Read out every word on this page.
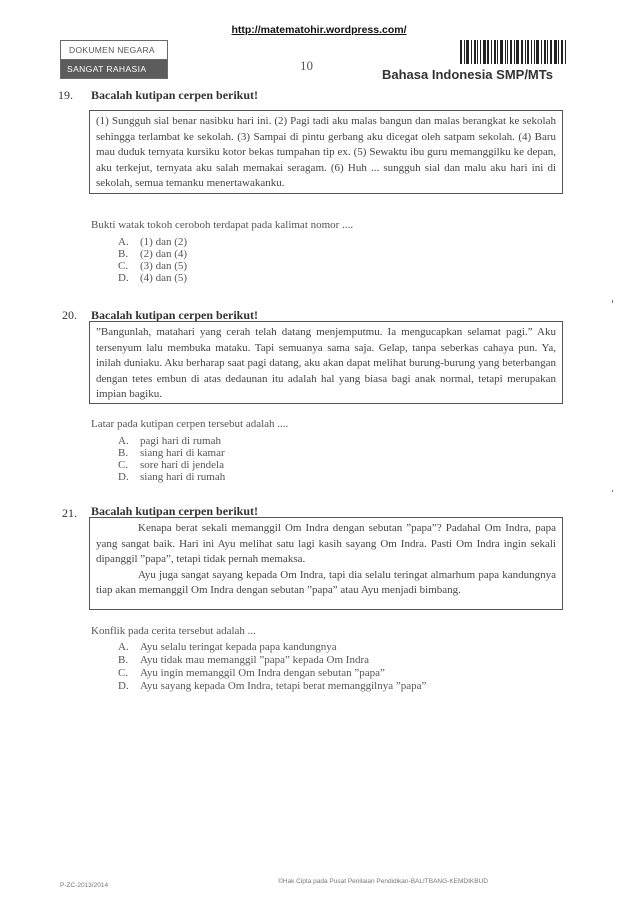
http://matematohir.wordpress.com/
DOKUMEN NEGARA
SANGAT RAHASIA	10
Bahasa Indonesia SMP/MTs
19. Bacalah kutipan cerpen berikut!
(1) Sungguh sial benar nasibku hari ini. (2) Pagi tadi aku malas bangun dan malas berangkat ke sekolah sehingga terlambat ke sekolah. (3) Sampai di pintu gerbang aku dicegat oleh satpam sekolah. (4) Baru mau duduk ternyata kursiku kotor bekas tumpahan tip ex. (5) Sewaktu ibu guru memanggilku ke depan, aku terkejut, ternyata aku salah memakai seragam. (6) Huh ... sungguh sial dan malu aku hari ini di sekolah, semua temanku menertawakanku.
Bukti watak tokoh ceroboh terdapat pada kalimat nomor ....
A.	(1) dan (2)
B.	(2) dan (4)
C.	(3) dan (5)
D.	(4) dan (5)
20. Bacalah kutipan cerpen berikut!
”Bangunlah, matahari yang cerah telah datang menjemputmu. Ia mengucapkan selamat pagi.” Aku tersenyum lalu membuka mataku. Tapi semuanya sama saja. Gelap, tanpa seberkas cahaya pun. Ya, inilah duniaku. Aku berharap saat pagi datang, aku akan dapat melihat burung-burung yang beterbangan dengan tetes embun di atas dedaunan itu adalah hal yang biasa bagi anak normal, tetapi merupakan impian bagiku.
Latar pada kutipan cerpen tersebut adalah ....
A.	pagi hari di rumah
B.	siang hari di kamar
C.	sore hari di jendela
D.	siang hari di rumah
21. Bacalah kutipan cerpen berikut!
Kenapa berat sekali memanggil Om Indra dengan sebutan ”papa”? Padahal Om Indra, papa yang sangat baik. Hari ini Ayu melihat satu lagi kasih sayang Om Indra. Pasti Om Indra ingin sekali dipanggil ”papa”, tetapi tidak pernah memaksa.
Ayu juga sangat sayang kepada Om Indra, tapi dia selalu teringat almarhum papa kandungnya tiap akan memanggil Om Indra dengan sebutan ”papa” atau Ayu menjadi bimbang.
Konflik pada cerita tersebut adalah ...
A.	Ayu selalu teringat kepada papa kandungnya
B.	Ayu tidak mau memanggil ”papa” kepada Om Indra
C.	Ayu ingin memanggil Om Indra dengan sebutan ”papa”
D.	Ayu sayang kepada Om Indra, tetapi berat memanggilnya ”papa”
P-ZC-2013/2014
©Hak Cipta pada Pusat Penilaian Pendidikan-BALITBANG-KEMDIKBUD
